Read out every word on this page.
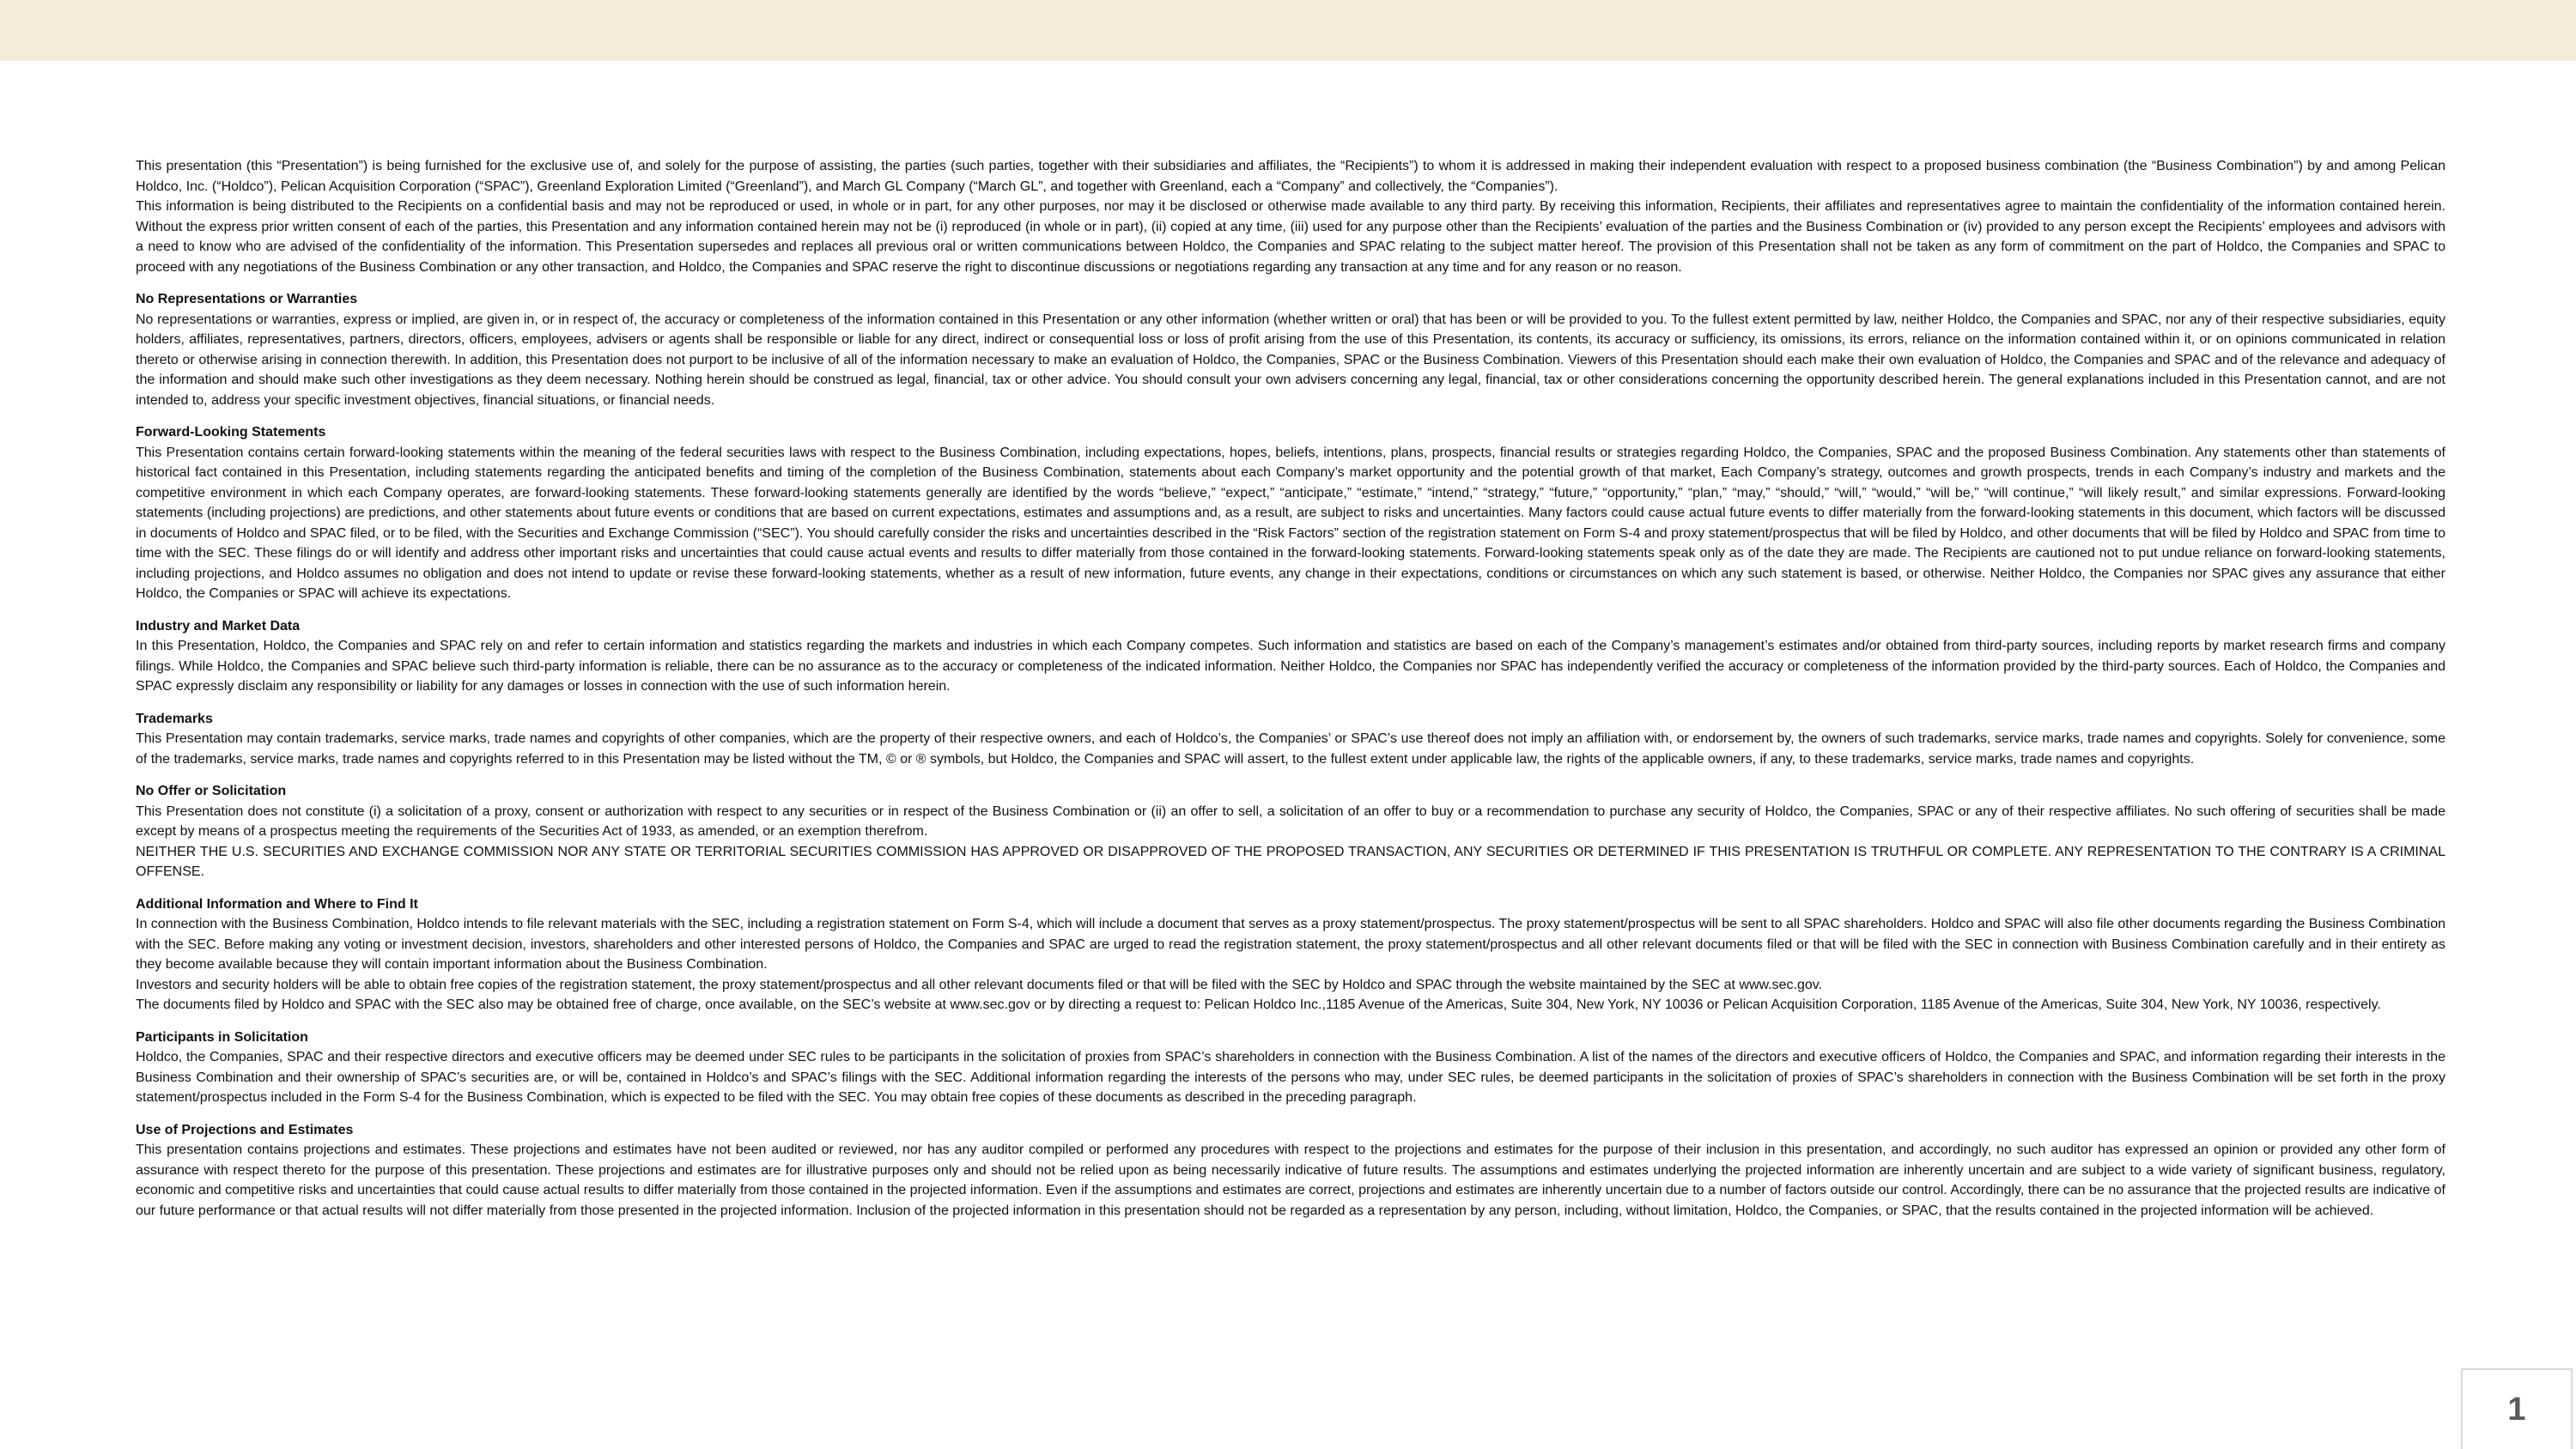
This presentation (this “Presentation”) is being furnished for the exclusive use of, and solely for the purpose of assisting, the parties (such parties, together with their subsidiaries and affiliates, the “Recipients”) to whom it is addressed in making their independent evaluation with respect to a proposed business combination (the “Business Combination”) by and among Pelican Holdco, Inc. (“Holdco”), Pelican Acquisition Corporation (“SPAC”), Greenland Exploration Limited (“Greenland”), and March GL Company (“March GL”, and together with Greenland, each a “Company” and collectively, the “Companies”).

This information is being distributed to the Recipients on a confidential basis and may not be reproduced or used, in whole or in part, for any other purposes, nor may it be disclosed or otherwise made available to any third party. By receiving this information, Recipients, their affiliates and representatives agree to maintain the confidentiality of the information contained herein. Without the express prior written consent of each of the parties, this Presentation and any information contained herein may not be (i) reproduced (in whole or in part), (ii) copied at any time, (iii) used for any purpose other than the Recipients’ evaluation of the parties and the Business Combination or (iv) provided to any person except the Recipients’ employees and advisors with a need to know who are advised of the confidentiality of the information. This Presentation supersedes and replaces all previous oral or written communications between Holdco, the Companies and SPAC relating to the subject matter hereof. The provision of this Presentation shall not be taken as any form of commitment on the part of Holdco, the Companies and SPAC to proceed with any negotiations of the Business Combination or any other transaction, and Holdco, the Companies and SPAC reserve the right to discontinue discussions or negotiations regarding any transaction at any time and for any reason or no reason.

No Representations or Warranties

No representations or warranties, express or implied, are given in, or in respect of, the accuracy or completeness of the information contained in this Presentation or any other information (whether written or oral) that has been or will be provided to you. To the fullest extent permitted by law, neither Holdco, the Companies and SPAC, nor any of their respective subsidiaries, equity holders, affiliates, representatives, partners, directors, officers, employees, advisers or agents shall be responsible or liable for any direct, indirect or consequential loss or loss of profit arising from the use of this Presentation, its contents, its accuracy or sufficiency, its omissions, its errors, reliance on the information contained within it, or on opinions communicated in relation thereto or otherwise arising in connection therewith. In addition, this Presentation does not purport to be inclusive of all of the information necessary to make an evaluation of Holdco, the Companies, SPAC or the Business Combination. Viewers of this Presentation should each make their own evaluation of Holdco, the Companies and SPAC and of the relevance and adequacy of the information and should make such other investigations as they deem necessary. Nothing herein should be construed as legal, financial, tax or other advice. You should consult your own advisers concerning any legal, financial, tax or other considerations concerning the opportunity described herein. The general explanations included in this Presentation cannot, and are not intended to, address your specific investment objectives, financial situations, or financial needs.

Forward-Looking Statements

This Presentation contains certain forward-looking statements within the meaning of the federal securities laws with respect to the Business Combination, including expectations, hopes, beliefs, intentions, plans, prospects, financial results or strategies regarding Holdco, the Companies, SPAC and the proposed Business Combination. Any statements other than statements of historical fact contained in this Presentation, including statements regarding the anticipated benefits and timing of the completion of the Business Combination, statements about each Company’s market opportunity and the potential growth of that market, Each Company’s strategy, outcomes and growth prospects, trends in each Company’s industry and markets and the competitive environment in which each Company operates, are forward-looking statements. These forward-looking statements generally are identified by the words “believe,” “expect,” “anticipate,” “estimate,” “intend,” “strategy,” “future,” “opportunity,” “plan,” “may,” “should,” “will,” “would,” “will be,” “will continue,” “will likely result,” and similar expressions. Forward-looking statements (including projections) are predictions, and other statements about future events or conditions that are based on current expectations, estimates and assumptions and, as a result, are subject to risks and uncertainties. Many factors could cause actual future events to differ materially from the forward-looking statements in this document, which factors will be discussed in documents of Holdco and SPAC filed, or to be filed, with the Securities and Exchange Commission (“SEC”). You should carefully consider the risks and uncertainties described in the “Risk Factors” section of the registration statement on Form S-4 and proxy statement/prospectus that will be filed by Holdco, and other documents that will be filed by Holdco and SPAC from time to time with the SEC. These filings do or will identify and address other important risks and uncertainties that could cause actual events and results to differ materially from those contained in the forward-looking statements. Forward-looking statements speak only as of the date they are made. The Recipients are cautioned not to put undue reliance on forward-looking statements, including projections, and Holdco assumes no obligation and does not intend to update or revise these forward-looking statements, whether as a result of new information, future events, any change in their expectations, conditions or circumstances on which any such statement is based, or otherwise. Neither Holdco, the Companies nor SPAC gives any assurance that either Holdco, the Companies or SPAC will achieve its expectations.

Industry and Market Data

In this Presentation, Holdco, the Companies and SPAC rely on and refer to certain information and statistics regarding the markets and industries in which each Company competes. Such information and statistics are based on each of the Company’s management’s estimates and/or obtained from third-party sources, including reports by market research firms and company filings. While Holdco, the Companies and SPAC believe such third-party information is reliable, there can be no assurance as to the accuracy or completeness of the indicated information. Neither Holdco, the Companies nor SPAC has independently verified the accuracy or completeness of the information provided by the third-party sources. Each of Holdco, the Companies and SPAC expressly disclaim any responsibility or liability for any damages or losses in connection with the use of such information herein.

Trademarks

This Presentation may contain trademarks, service marks, trade names and copyrights of other companies, which are the property of their respective owners, and each of Holdco’s, the Companies’ or SPAC’s use thereof does not imply an affiliation with, or endorsement by, the owners of such trademarks, service marks, trade names and copyrights. Solely for convenience, some of the trademarks, service marks, trade names and copyrights referred to in this Presentation may be listed without the TM, © or ® symbols, but Holdco, the Companies and SPAC will assert, to the fullest extent under applicable law, the rights of the applicable owners, if any, to these trademarks, service marks, trade names and copyrights.

No Offer or Solicitation

This Presentation does not constitute (i) a solicitation of a proxy, consent or authorization with respect to any securities or in respect of the Business Combination or (ii) an offer to sell, a solicitation of an offer to buy or a recommendation to purchase any security of Holdco, the Companies, SPAC or any of their respective affiliates. No such offering of securities shall be made except by means of a prospectus meeting the requirements of the Securities Act of 1933, as amended, or an exemption therefrom.

NEITHER THE U.S. SECURITIES AND EXCHANGE COMMISSION NOR ANY STATE OR TERRITORIAL SECURITIES COMMISSION HAS APPROVED OR DISAPPROVED OF THE PROPOSED TRANSACTION, ANY SECURITIES OR DETERMINED IF THIS PRESENTATION IS TRUTHFUL OR COMPLETE. ANY REPRESENTATION TO THE CONTRARY IS A CRIMINAL OFFENSE.

Additional Information and Where to Find It

In connection with the Business Combination, Holdco intends to file relevant materials with the SEC, including a registration statement on Form S-4, which will include a document that serves as a proxy statement/prospectus. The proxy statement/prospectus will be sent to all SPAC shareholders. Holdco and SPAC will also file other documents regarding the Business Combination with the SEC. Before making any voting or investment decision, investors, shareholders and other interested persons of Holdco, the Companies and SPAC are urged to read the registration statement, the proxy statement/prospectus and all other relevant documents filed or that will be filed with the SEC in connection with Business Combination carefully and in their entirety as they become available because they will contain important information about the Business Combination.

Investors and security holders will be able to obtain free copies of the registration statement, the proxy statement/prospectus and all other relevant documents filed or that will be filed with the SEC by Holdco and SPAC through the website maintained by the SEC at www.sec.gov.

The documents filed by Holdco and SPAC with the SEC also may be obtained free of charge, once available, on the SEC’s website at www.sec.gov or by directing a request to: Pelican Holdco Inc.,1185 Avenue of the Americas, Suite 304, New York, NY 10036 or Pelican Acquisition Corporation, 1185 Avenue of the Americas, Suite 304, New York, NY 10036, respectively.

Participants in Solicitation

Holdco, the Companies, SPAC and their respective directors and executive officers may be deemed under SEC rules to be participants in the solicitation of proxies from SPAC’s shareholders in connection with the Business Combination. A list of the names of the directors and executive officers of Holdco, the Companies and SPAC, and information regarding their interests in the Business Combination and their ownership of SPAC’s securities are, or will be, contained in Holdco’s and SPAC’s filings with the SEC. Additional information regarding the interests of the persons who may, under SEC rules, be deemed participants in the solicitation of proxies of SPAC’s shareholders in connection with the Business Combination will be set forth in the proxy statement/prospectus included in the Form S-4 for the Business Combination, which is expected to be filed with the SEC. You may obtain free copies of these documents as described in the preceding paragraph.

Use of Projections and Estimates

This presentation contains projections and estimates. These projections and estimates have not been audited or reviewed, nor has any auditor compiled or performed any procedures with respect to the projections and estimates for the purpose of their inclusion in this presentation, and accordingly, no such auditor has expressed an opinion or provided any other form of assurance with respect thereto for the purpose of this presentation. These projections and estimates are for illustrative purposes only and should not be relied upon as being necessarily indicative of future results. The assumptions and estimates underlying the projected information are inherently uncertain and are subject to a wide variety of significant business, regulatory, economic and competitive risks and uncertainties that could cause actual results to differ materially from those contained in the projected information. Even if the assumptions and estimates are correct, projections and estimates are inherently uncertain due to a number of factors outside our control. Accordingly, there can be no assurance that the projected results are indicative of our future performance or that actual results will not differ materially from those presented in the projected information. Inclusion of the projected information in this presentation should not be regarded as a representation by any person, including, without limitation, Holdco, the Companies, or SPAC, that the results contained in the projected information will be achieved.

1
